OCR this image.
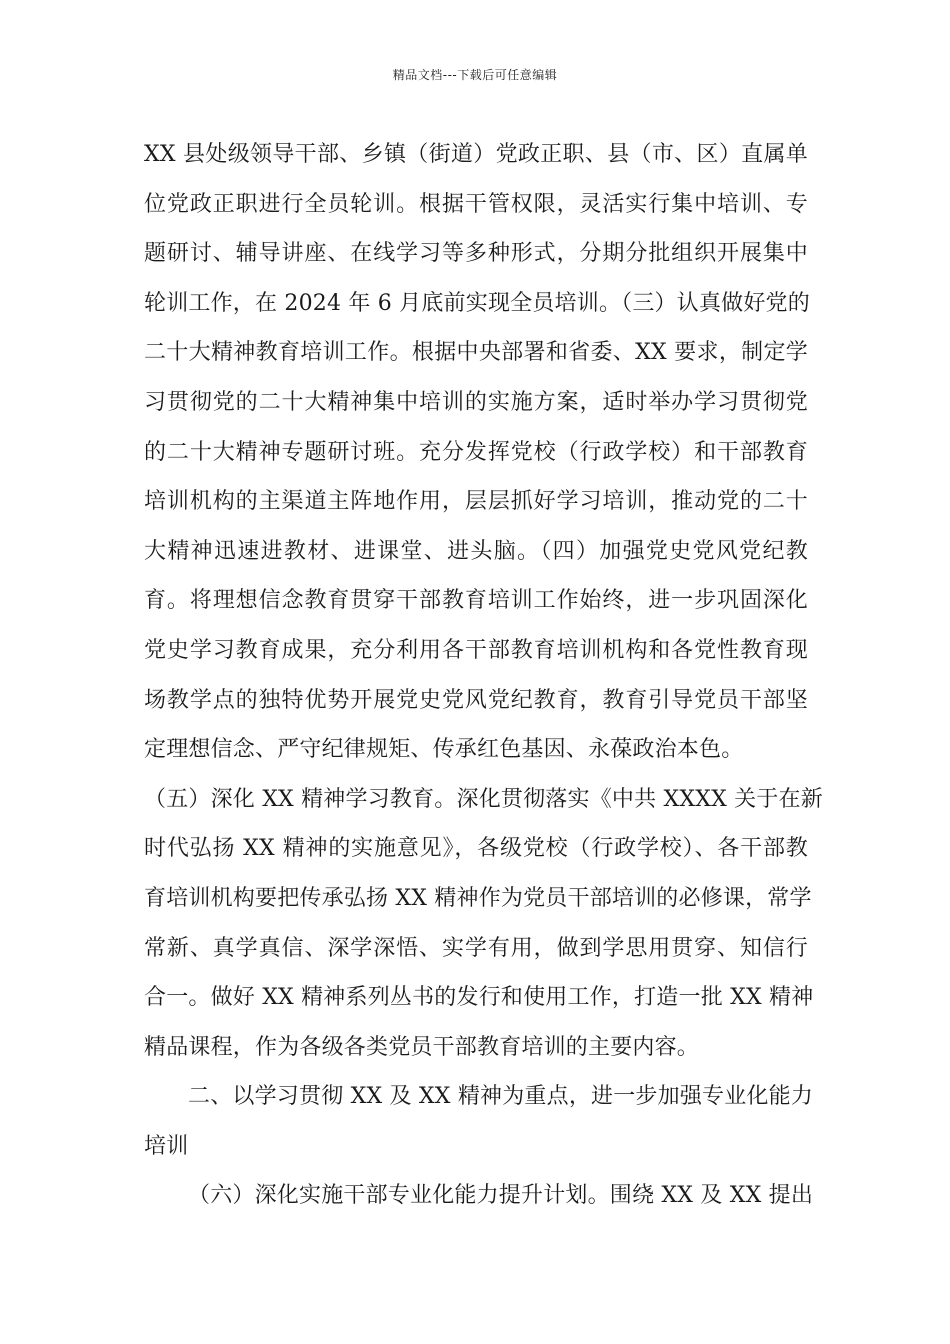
精品文档---下载后可任意编辑
XX 县处级领导干部、乡镇（街道）党政正职、县（市、区）直属单
位党政正职进行全员轮训。根据干管权限，灵活实行集中培训、专
题研讨、辅导讲座、在线学习等多种形式，分期分批组织开展集中
轮训工作，在 2024 年 6 月底前实现全员培训。（三）认真做好党的
二十大精神教育培训工作。根据中央部署和省委、XX 要求，制定学
习贯彻党的二十大精神集中培训的实施方案，适时举办学习贯彻党
的二十大精神专题研讨班。充分发挥党校（行政学校）和干部教育
培训机构的主渠道主阵地作用，层层抓好学习培训，推动党的二十
大精神迅速进教材、进课堂、进头脑。（四）加强党史党风党纪教
育。将理想信念教育贯穿干部教育培训工作始终，进一步巩固深化
党史学习教育成果，充分利用各干部教育培训机构和各党性教育现
场教学点的独特优势开展党史党风党纪教育，教育引导党员干部坚
定理想信念、严守纪律规矩、传承红色基因、永葆政治本色。
（五）深化 XX 精神学习教育。深化贯彻落实《中共 XXXX 关于在新
时代弘扬 XX 精神的实施意见》，各级党校（行政学校）、各干部教
育培训机构要把传承弘扬 XX 精神作为党员干部培训的必修课，常学
常新、真学真信、深学深悟、实学有用，做到学思用贯穿、知信行
合一。做好 XX 精神系列丛书的发行和使用工作，打造一批 XX 精神
精品课程，作为各级各类党员干部教育培训的主要内容。
二、以学习贯彻 XX 及 XX 精神为重点，进一步加强专业化能力
培训
（六）深化实施干部专业化能力提升计划。围绕 XX 及 XX 提出
